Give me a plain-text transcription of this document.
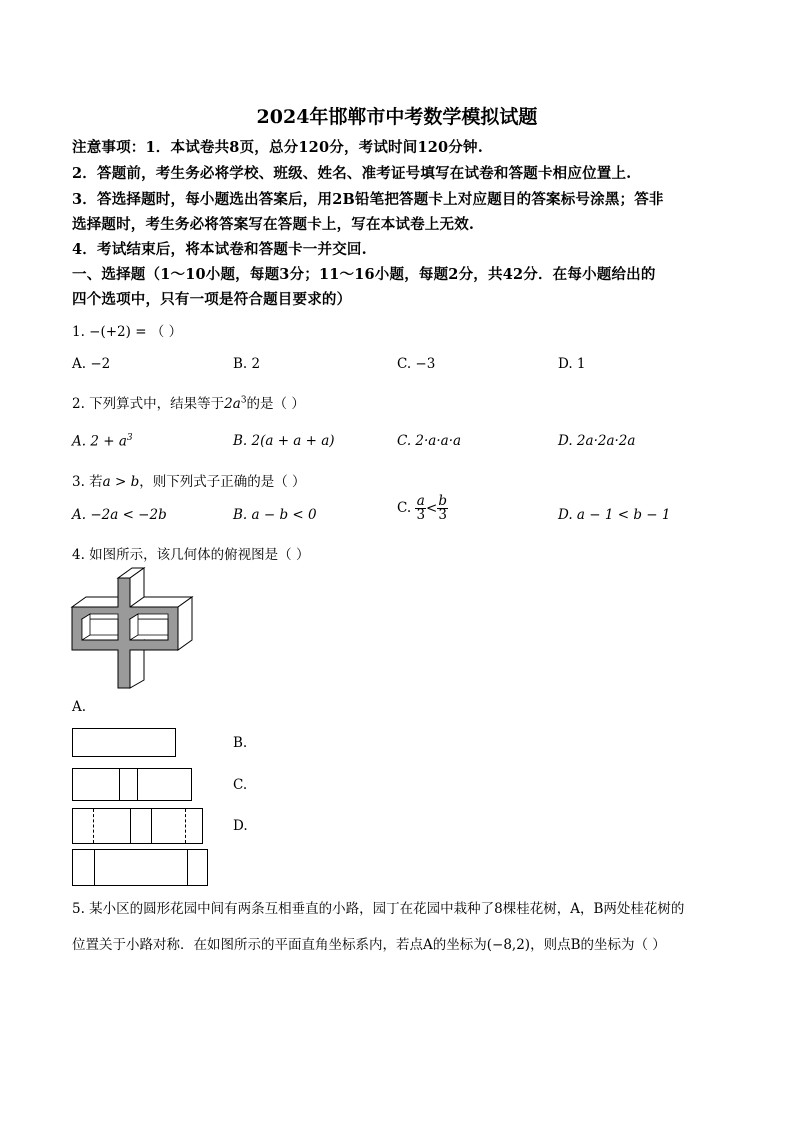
2024年邯郸市中考数学模拟试题
注意事项：1．本试卷共8页，总分120分，考试时间120分钟.
2．答题前，考生务必将学校、班级、姓名、准考证号填写在试卷和答题卡相应位置上.
3．答选择题时，每小题选出答案后，用2B铅笔把答题卡上对应题目的答案标号涂黑；答非
选择题时，考生务必将答案写在答题卡上，写在本试卷上无效.
4．考试结束后，将本试卷和答题卡一并交回.
一、选择题（1～10小题，每题3分；11～16小题，每题2分，共42分．在每小题给出的
四个选项中，只有一项是符合题目要求的）
1. −(+2) = （ ）
A. −2	B. 2	C. −3	D. 1
2. 下列算式中，结果等于$2a^3$的是（ ）
A. $2 + a^3$	B. 2(a + a + a)	C. 2·a·a·a	D. 2a·2a·2a
3. 若a > b，则下列式子正确的是（ ）
A. −2a < −2b	B. a − b < 0	C. $\frac{a}{3} < \frac{b}{3}$	D. a − 1 < b − 1
4. 如图所示，该几何体的俯视图是（ ）
A.
B.
C.
D.
5. 某小区的圆形花园中间有两条互相垂直的小路，园丁在花园中栽种了8棵桂花树，A，B两处桂花树的
位置关于小路对称．在如图所示的平面直角坐标系内，若点A的坐标为(−8,2)，则点B的坐标为（ ）
